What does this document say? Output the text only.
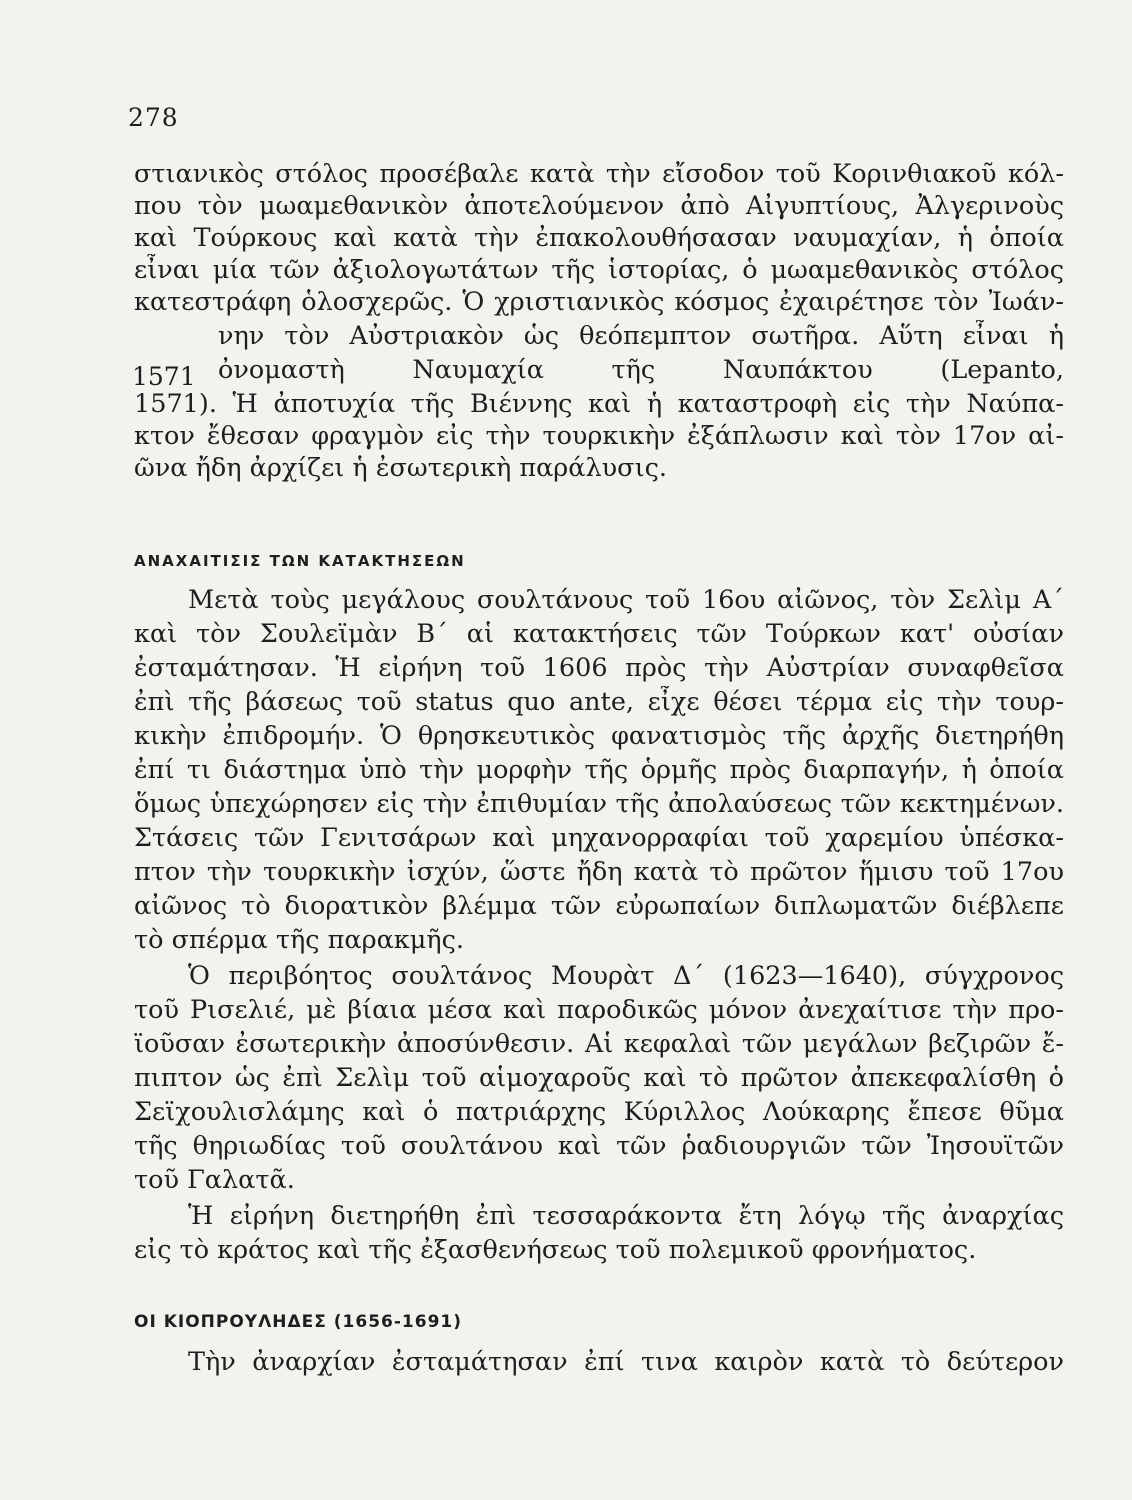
278
στιανικὸς στόλος προσέβαλε κατὰ τὴν εἴσοδον τοῦ Κορινθιακοῦ κόλ-
που τὸν μωαμεθανικὸν ἀποτελούμενον ἀπὸ Αἰγυπτίους, Ἀλγερινοὺς
καὶ Τούρκους καὶ κατὰ τὴν ἐπακολουθήσασαν ναυμαχίαν, ἡ ὁποία
εἶναι μία τῶν ἀξιολογωτάτων τῆς ἱστορίας, ὁ μωαμεθανικὸς στόλος
κατεστράφη ὁλοσχερῶς. Ὁ χριστιανικὸς κόσμος ἐχαιρέτησε τὸν Ἰωάν-
νην τὸν Αὐστριακὸν ὡς θεόπεμπτον σωτῆρα. Αὕτη εἶναι ἡ
ὀνομαστὴ Ναυμαχία τῆς Ναυπάκτου (Lepanto,
1571). Ἡ ἀποτυχία τῆς Βιέννης καὶ ἡ καταστροφὴ εἰς τὴν Ναύπα-
κτον ἔθεσαν φραγμὸν εἰς τὴν τουρκικὴν ἐξάπλωσιν καὶ τὸν 17ον αἰ-
ῶνα ἤδη ἀρχίζει ἡ ἐσωτερικὴ παράλυσις.
1571
ΑΝΑΧΑΙΤΙΣΙΣ ΤΩΝ ΚΑΤΑΚΤΗΣΕΩΝ
Μετὰ τοὺς μεγάλους σουλτάνους τοῦ 16ου αἰῶνος, τὸν Σελὶμ Α΄
καὶ τὸν Σουλεϊμὰν Β΄ αἱ κατακτήσεις τῶν Τούρκων κατ' οὐσίαν
ἐσταμάτησαν. Ἡ εἰρήνη τοῦ 1606 πρὸς τὴν Αὐστρίαν συναφθεῖσα
ἐπὶ τῆς βάσεως τοῦ status quo ante, εἶχε θέσει τέρμα εἰς τὴν τουρ-
κικὴν ἐπιδρομήν. Ὁ θρησκευτικὸς φανατισμὸς τῆς ἀρχῆς διετηρήθη
ἐπί τι διάστημα ὑπὸ τὴν μορφὴν τῆς ὁρμῆς πρὸς διαρπαγήν, ἡ ὁποία
ὅμως ὑπεχώρησεν εἰς τὴν ἐπιθυμίαν τῆς ἀπολαύσεως τῶν κεκτημένων.
Στάσεις τῶν Γενιτσάρων καὶ μηχανορραφίαι τοῦ χαρεμίου ὑπέσκα-
πτον τὴν τουρκικὴν ἰσχύν, ὥστε ἤδη κατὰ τὸ πρῶτον ἥμισυ τοῦ 17ου
αἰῶνος τὸ διορατικὸν βλέμμα τῶν εὐρωπαίων διπλωματῶν διέβλεπε
τὸ σπέρμα τῆς παρακμῆς.
Ὁ περιβόητος σουλτάνος Μουρὰτ Δ΄ (1623—1640), σύγχρονος
τοῦ Ρισελιέ, μὲ βίαια μέσα καὶ παροδικῶς μόνον ἀνεχαίτισε τὴν προ-
ϊοῦσαν ἐσωτερικὴν ἀποσύνθεσιν. Αἱ κεφαλαὶ τῶν μεγάλων βεζιρῶν ἔ-
πιπτον ὡς ἐπὶ Σελὶμ τοῦ αἱμοχαροῦς καὶ τὸ πρῶτον ἀπεκεφαλίσθη ὁ
Σεϊχουλισλάμης καὶ ὁ πατριάρχης Κύριλλος Λούκαρης ἔπεσε θῦμα
τῆς θηριωδίας τοῦ σουλτάνου καὶ τῶν ῥαδιουργιῶν τῶν Ἰησουϊτῶν
τοῦ Γαλατᾶ.
Ἡ εἰρήνη διετηρήθη ἐπὶ τεσσαράκοντα ἔτη λόγῳ τῆς ἀναρχίας
εἰς τὸ κράτος καὶ τῆς ἐξασθενήσεως τοῦ πολεμικοῦ φρονήματος.
ΟΙ ΚΙΟΠΡΟΥΛΗΔΕΣ (1656-1691)
Τὴν ἀναρχίαν ἐσταμάτησαν ἐπί τινα καιρὸν κατὰ τὸ δεύτερον
